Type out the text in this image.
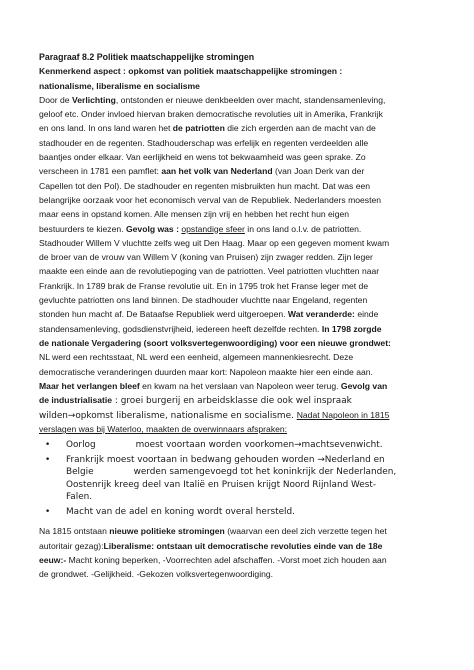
Paragraaf 8.2 Politiek maatschappelijke stromingen
Kenmerkend aspect : opkomst van politiek maatschappelijke stromingen :
nationalisme, liberalisme en socialisme
Door de Verlichting, ontstonden er nieuwe denkbeelden over macht, standensamenleving,
geloof etc. Onder invloed hiervan braken democratische revoluties uit in Amerika, Frankrijk
en ons land. In ons land waren het de patriotten die zich ergerden aan de macht van de
stadhouder en de regenten. Stadhouderschap was erfelijk en regenten verdeelden alle
baantjes onder elkaar. Van eerlijkheid en wens tot bekwaamheid was geen sprake. Zo
verscheen in 1781 een pamflet: aan het volk van Nederland (van Joan Derk van der
Capellen tot den Pol). De stadhouder en regenten misbruikten hun macht. Dat was een
belangrijke oorzaak voor het economisch verval van de Republiek. Nederlanders moesten
maar eens in opstand komen. Alle mensen zijn vrij en hebben het recht hun eigen
bestuurders te kiezen. Gevolg was : opstandige sfeer in ons land o.l.v. de patriotten.
Stadhouder Willem V vluchtte zelfs weg uit Den Haag. Maar op een gegeven moment kwam
de broer van de vrouw van Willem V (koning van Pruisen) zijn zwager redden. Zijn leger
maakte een einde aan de revolutiepoging van de patriotten. Veel patriotten vluchtten naar
Frankrijk. In 1789 brak de Franse revolutie uit. En in 1795 trok het Franse leger met de
gevluchte patriotten ons land binnen. De stadhouder vluchtte naar Engeland, regenten
stonden hun macht af. De Bataafse Republiek werd uitgeroepen. Wat veranderde: einde
standensamenleving, godsdienstvrijheid, iedereen heeft dezelfde rechten. In 1798 zorgde
de nationale Vergadering (soort volksvertegenwoordiging) voor een nieuwe grondwet:
NL werd een rechtsstaat, NL werd een eenheid, algemeen mannenkiesrecht. Deze
democratische veranderingen duurden maar kort: Napoleon maakte hier een einde aan.
Maar het verlangen bleef en kwam na het verslaan van Napoleon weer terug. Gevolg van
de industrialisatie : groei burgerij en arbeidsklasse die ook wel inspraak
wilden→opkomst liberalisme, nationalisme en socialisme. Nadat Napoleon in 1815
verslagen was bij Waterloo, maakten de overwinnaars afspraken:
• Oorlog	moest voortaan worden voorkomen→machtsevenwicht.
• Frankrijk moest voortaan in bedwang gehouden worden →Nederland en
Belgie	werden samengevoegd tot het koninkrijk der Nederlanden,
Oostenrijk kreeg deel van Italië en Pruisen krijgt Noord Rijnland West-
Falen.
• Macht van de adel en koning wordt overal hersteld.
Na 1815 ontstaan nieuwe politieke stromingen (waarvan een deel zich verzette tegen het
autoritair gezag):Liberalisme: ontstaan uit democratische revoluties einde van de 18e
eeuw:- Macht koning beperken, -Voorrechten adel afschaffen. -Vorst moet zich houden aan
de grondwet. -Gelijkheid. -Gekozen volksvertegenwoordiging.
